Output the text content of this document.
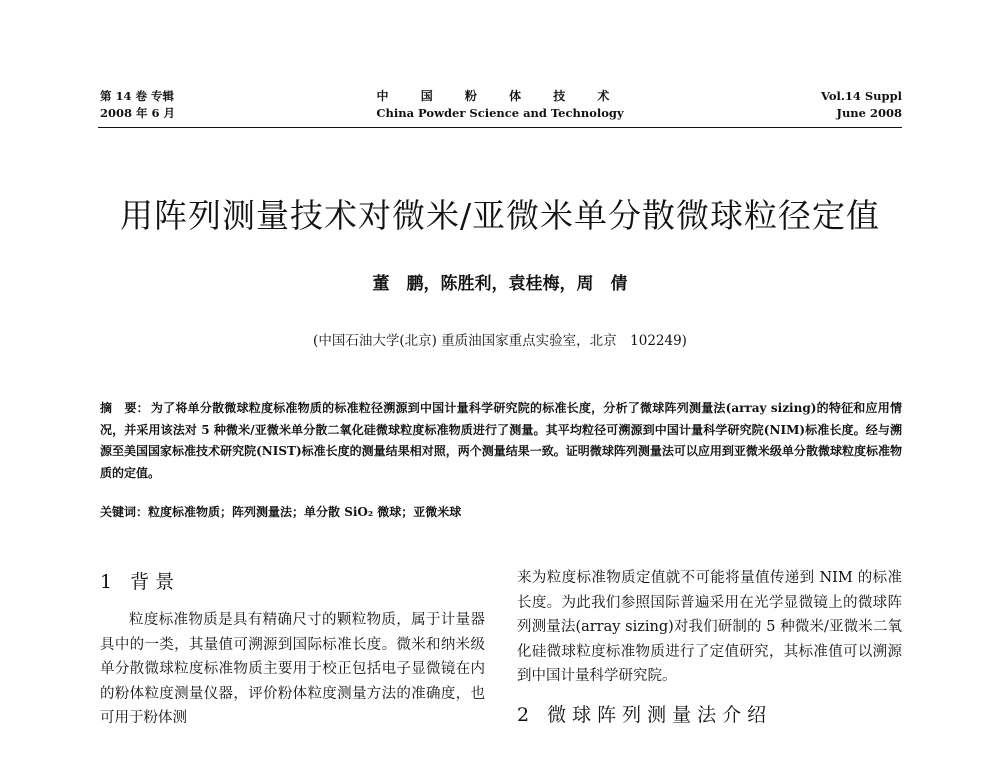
第 14 卷 专辑
2008 年 6 月
中 国 粉 体 技 术
China Powder Science and Technology
Vol.14 Suppl
June 2008
用阵列测量技术对微米/亚微米单分散微球粒径定值
董　鹏，陈胜利，袁桂梅，周　倩
(中国石油大学(北京) 重质油国家重点实验室，北京　102249)
摘　要： 为了将单分散微球粒度标准物质的标准粒径溯源到中国计量科学研究院的标准长度，分析了微球阵列测量法(array sizing)的特征和应用情况，并采用该法对 5 种微米/亚微米单分散二氧化硅微球粒度标准物质进行了测量。其平均粒径可溯源到中国计量科学研究院(NIM)标准长度。经与溯源至美国国家标准技术研究院(NIST)标准长度的测量结果相对照，两个测量结果一致。证明微球阵列测量法可以应用到亚微米级单分散微球粒度标准物质的定值。
关键词：粒度标准物质；阵列测量法；单分散 SiO₂ 微球；亚微米球
1 背景

粒度标准物质是具有精确尺寸的颗粒物质，属于计量器具中的一类，其量值可溯源到国际标准长度。微米和纳米级单分散微球粒度标准物质主要用于校正包括电子显微镜在内的粉体粒度测量仪器，评价粉体粒度测量方法的准确度，也可用于粉体测

来为粒度标准物质定值就不可能将量值传递到 NIM 的标准长度。为此我们参照国际普遍采用在光学显微镜上的微球阵列测量法(array sizing)对我们研制的 5 种微米/亚微米二氧化硅微球粒度标准物质进行了定值研究，其标准值可以溯源到中国计量科学研究院。

2 微球阵列测量法介绍
